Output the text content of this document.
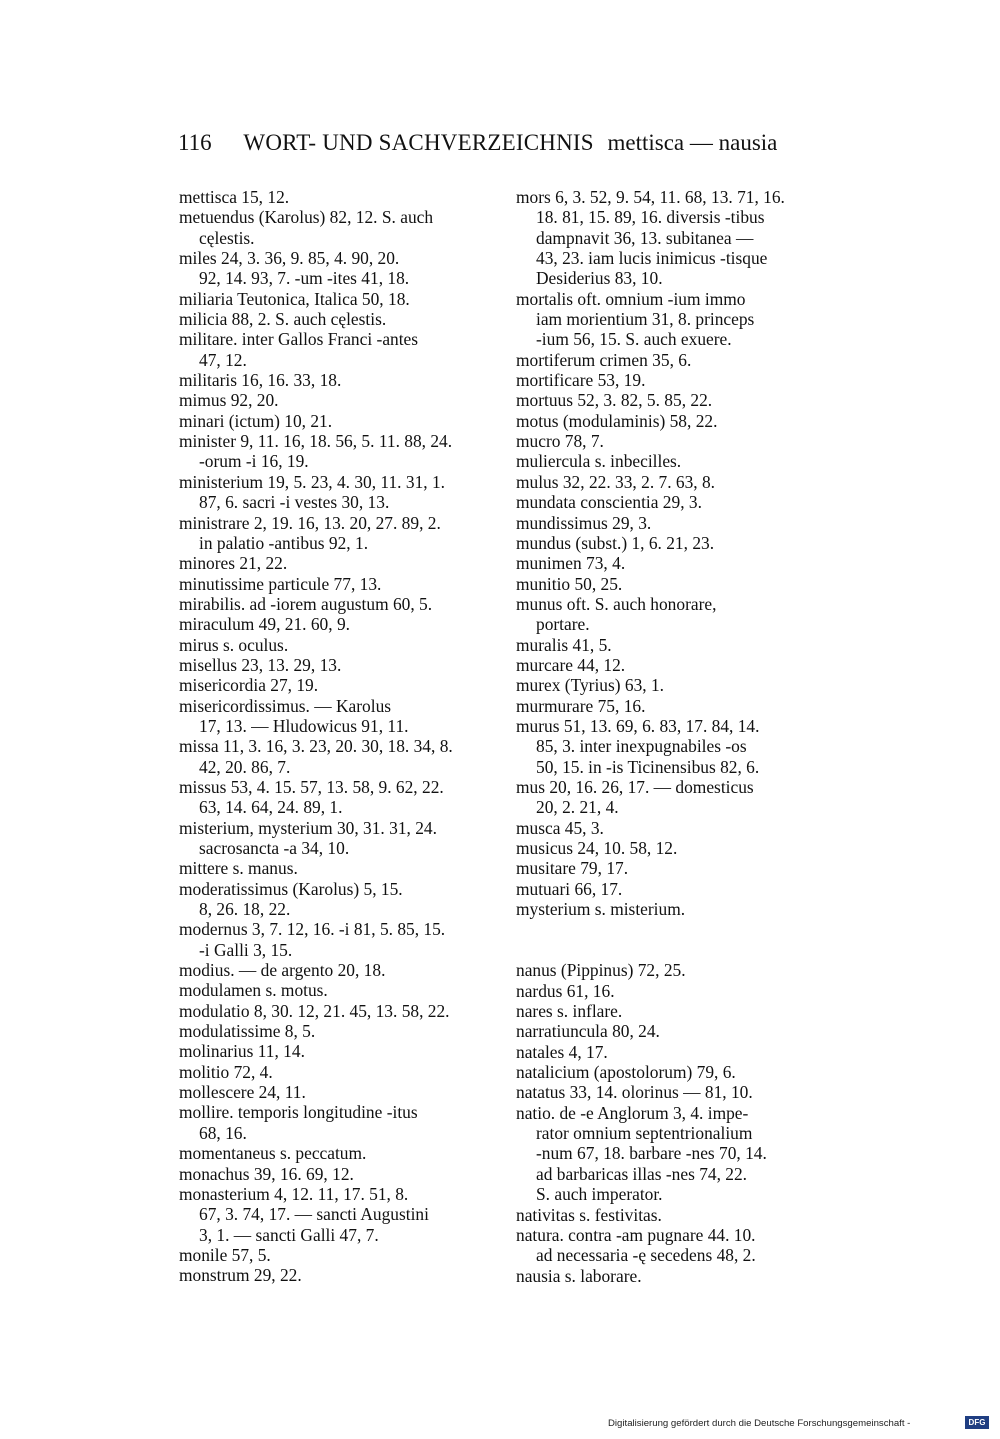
116 WORT- UND SACHVERZEICHNIS mettisca — nausia
mettisca 15, 12.
metuendus (Karolus) 82, 12. S. auch
cęlestis.
miles 24, 3. 36, 9. 85, 4. 90, 20.
92, 14. 93, 7. -um -ites 41, 18.
miliaria Teutonica, Italica 50, 18.
milicia 88, 2. S. auch cęlestis.
militare. inter Gallos Franci -antes
47, 12.
militaris 16, 16. 33, 18.
mimus 92, 20.
minari (ictum) 10, 21.
minister 9, 11. 16, 18. 56, 5. 11. 88, 24.
-orum -i 16, 19.
ministerium 19, 5. 23, 4. 30, 11. 31, 1.
87, 6. sacri -i vestes 30, 13.
ministrare 2, 19. 16, 13. 20, 27. 89, 2.
in palatio -antibus 92, 1.
minores 21, 22.
minutissime particule 77, 13.
mirabilis. ad -iorem augustum 60, 5.
miraculum 49, 21. 60, 9.
mirus s. oculus.
misellus 23, 13. 29, 13.
misericordia 27, 19.
misericordissimus. — Karolus
17, 13. — Hludowicus 91, 11.
missa 11, 3. 16, 3. 23, 20. 30, 18. 34, 8.
42, 20. 86, 7.
missus 53, 4. 15. 57, 13. 58, 9. 62, 22.
63, 14. 64, 24. 89, 1.
misterium, mysterium 30, 31. 31, 24.
sacrosancta -a 34, 10.
mittere s. manus.
moderatissimus (Karolus) 5, 15.
8, 26. 18, 22.
modernus 3, 7. 12, 16. -i 81, 5. 85, 15.
-i Galli 3, 15.
modius. — de argento 20, 18.
modulamen s. motus.
modulatio 8, 30. 12, 21. 45, 13. 58, 22.
modulatissime 8, 5.
molinarius 11, 14.
molitio 72, 4.
mollescere 24, 11.
mollire. temporis longitudine -itus
68, 16.
momentaneus s. peccatum.
monachus 39, 16. 69, 12.
monasterium 4, 12. 11, 17. 51, 8.
67, 3. 74, 17. — sancti Augustini
3, 1. — sancti Galli 47, 7.
monile 57, 5.
monstrum 29, 22.
mors 6, 3. 52, 9. 54, 11. 68, 13. 71, 16.
18. 81, 15. 89, 16. diversis -tibus
dampnavit 36, 13. subitanea —
43, 23. iam lucis inimicus -tisque
Desiderius 83, 10.
mortalis oft. omnium -ium immo
iam morientium 31, 8. princeps
-ium 56, 15. S. auch exuere.
mortiferum crimen 35, 6.
mortificare 53, 19.
mortuus 52, 3. 82, 5. 85, 22.
motus (modulaminis) 58, 22.
mucro 78, 7.
muliercula s. inbecilles.
mulus 32, 22. 33, 2. 7. 63, 8.
mundata conscientia 29, 3.
mundissimus 29, 3.
mundus (subst.) 1, 6. 21, 23.
munimen 73, 4.
munitio 50, 25.
munus oft. S. auch honorare,
portare.
muralis 41, 5.
murcare 44, 12.
murex (Tyrius) 63, 1.
murmurare 75, 16.
murus 51, 13. 69, 6. 83, 17. 84, 14.
85, 3. inter inexpugnabiles -os
50, 15. in -is Ticinensibus 82, 6.
mus 20, 16. 26, 17. — domesticus
20, 2. 21, 4.
musca 45, 3.
musicus 24, 10. 58, 12.
musitare 79, 17.
mutuari 66, 17.
mysterium s. misterium.
nanus (Pippinus) 72, 25.
nardus 61, 16.
nares s. inflare.
narratiuncula 80, 24.
natales 4, 17.
natalicium (apostolorum) 79, 6.
natatus 33, 14. olorinus — 81, 10.
natio. de -e Anglorum 3, 4. impe-
rator omnium septentrionalium
-num 67, 18. barbare -nes 70, 14.
ad barbaricas illas -nes 74, 22.
S. auch imperator.
nativitas s. festivitas.
natura. contra -am pugnare 44. 10.
ad necessaria -ę secedens 48, 2.
nausia s. laborare.
Digitalisierung gefördert durch die Deutsche Forschungsgemeinschaft -	DFG
